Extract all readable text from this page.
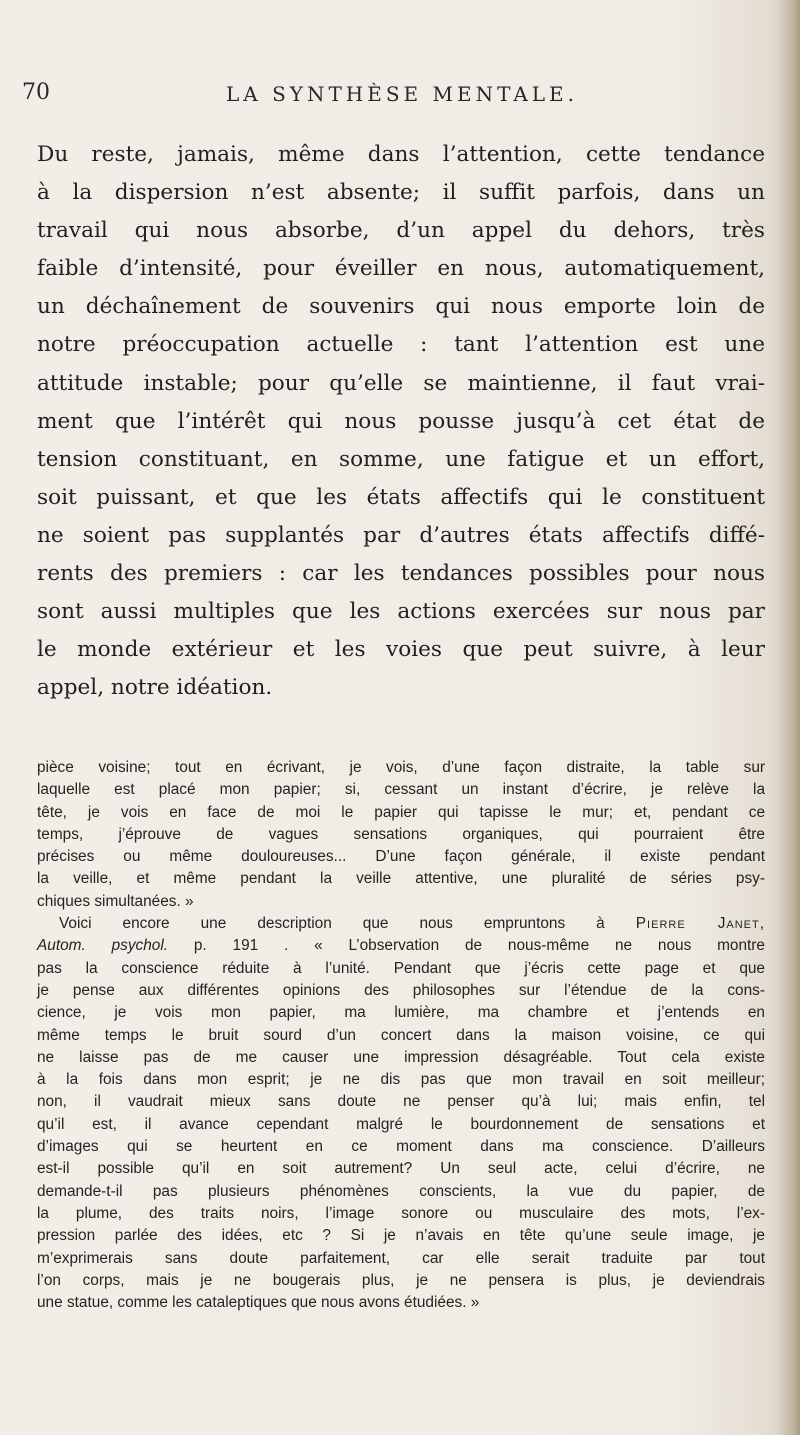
70	LA SYNTHÈSE MENTALE.
Du reste, jamais, même dans l’attention, cette tendance
à la dispersion n’est absente; il suffit parfois, dans un
travail qui nous absorbe, d’un appel du dehors, très
faible d’intensité, pour éveiller en nous, automatiquement,
un déchaînement de souvenirs qui nous emporte loin de
notre préoccupation actuelle : tant l’attention est une
attitude instable; pour qu’elle se maintienne, il faut vrai-
ment que l’intérêt qui nous pousse jusqu’à cet état de
tension constituant, en somme, une fatigue et un effort,
soit puissant, et que les états affectifs qui le constituent
ne soient pas supplantés par d’autres états affectifs diffé-
rents des premiers : car les tendances possibles pour nous
sont aussi multiples que les actions exercées sur nous par
le monde extérieur et les voies que peut suivre, à leur
appel, notre idéation.
pièce voisine; tout en écrivant, je vois, d’une façon distraite, la table sur
laquelle est placé mon papier; si, cessant un instant d’écrire, je relève la
tête, je vois en face de moi le papier qui tapisse le mur; et, pendant ce
temps, j’éprouve de vagues sensations organiques, qui pourraient être
précises ou même douloureuses... D’une façon générale, il existe pendant
la veille, et même pendant la veille attentive, une pluralité de séries psy-
chiques simultanées. »
Voici encore une description que nous empruntons à Pierre Janet,
Autom. psychol. p. 191 . « L’observation de nous-même ne nous montre
pas la conscience réduite à l’unité. Pendant que j’écris cette page et que
je pense aux différentes opinions des philosophes sur l’étendue de la cons-
cience, je vois mon papier, ma lumière, ma chambre et j’entends en
même temps le bruit sourd d’un concert dans la maison voisine, ce qui
ne laisse pas de me causer une impression désagréable. Tout cela existe
à la fois dans mon esprit; je ne dis pas que mon travail en soit meilleur;
non, il vaudrait mieux sans doute ne penser qu’à lui; mais enfin, tel
qu’il est, il avance cependant malgré le bourdonnement de sensations et
d’images qui se heurtent en ce moment dans ma conscience. D’ailleurs
est-il possible qu’il en soit autrement? Un seul acte, celui d’écrire, ne
demande-t-il pas plusieurs phénomènes conscients, la vue du papier, de
la plume, des traits noirs, l’image sonore ou musculaire des mots, l’ex-
pression parlée des idées, etc ? Si je n’avais en tête qu’une seule image, je
m’exprimerais sans doute parfaitement, car elle serait traduite par tout
l’on corps, mais je ne bougerais plus, je ne pensera is plus, je deviendrais
une statue, comme les cataleptiques que nous avons étudiées. »
